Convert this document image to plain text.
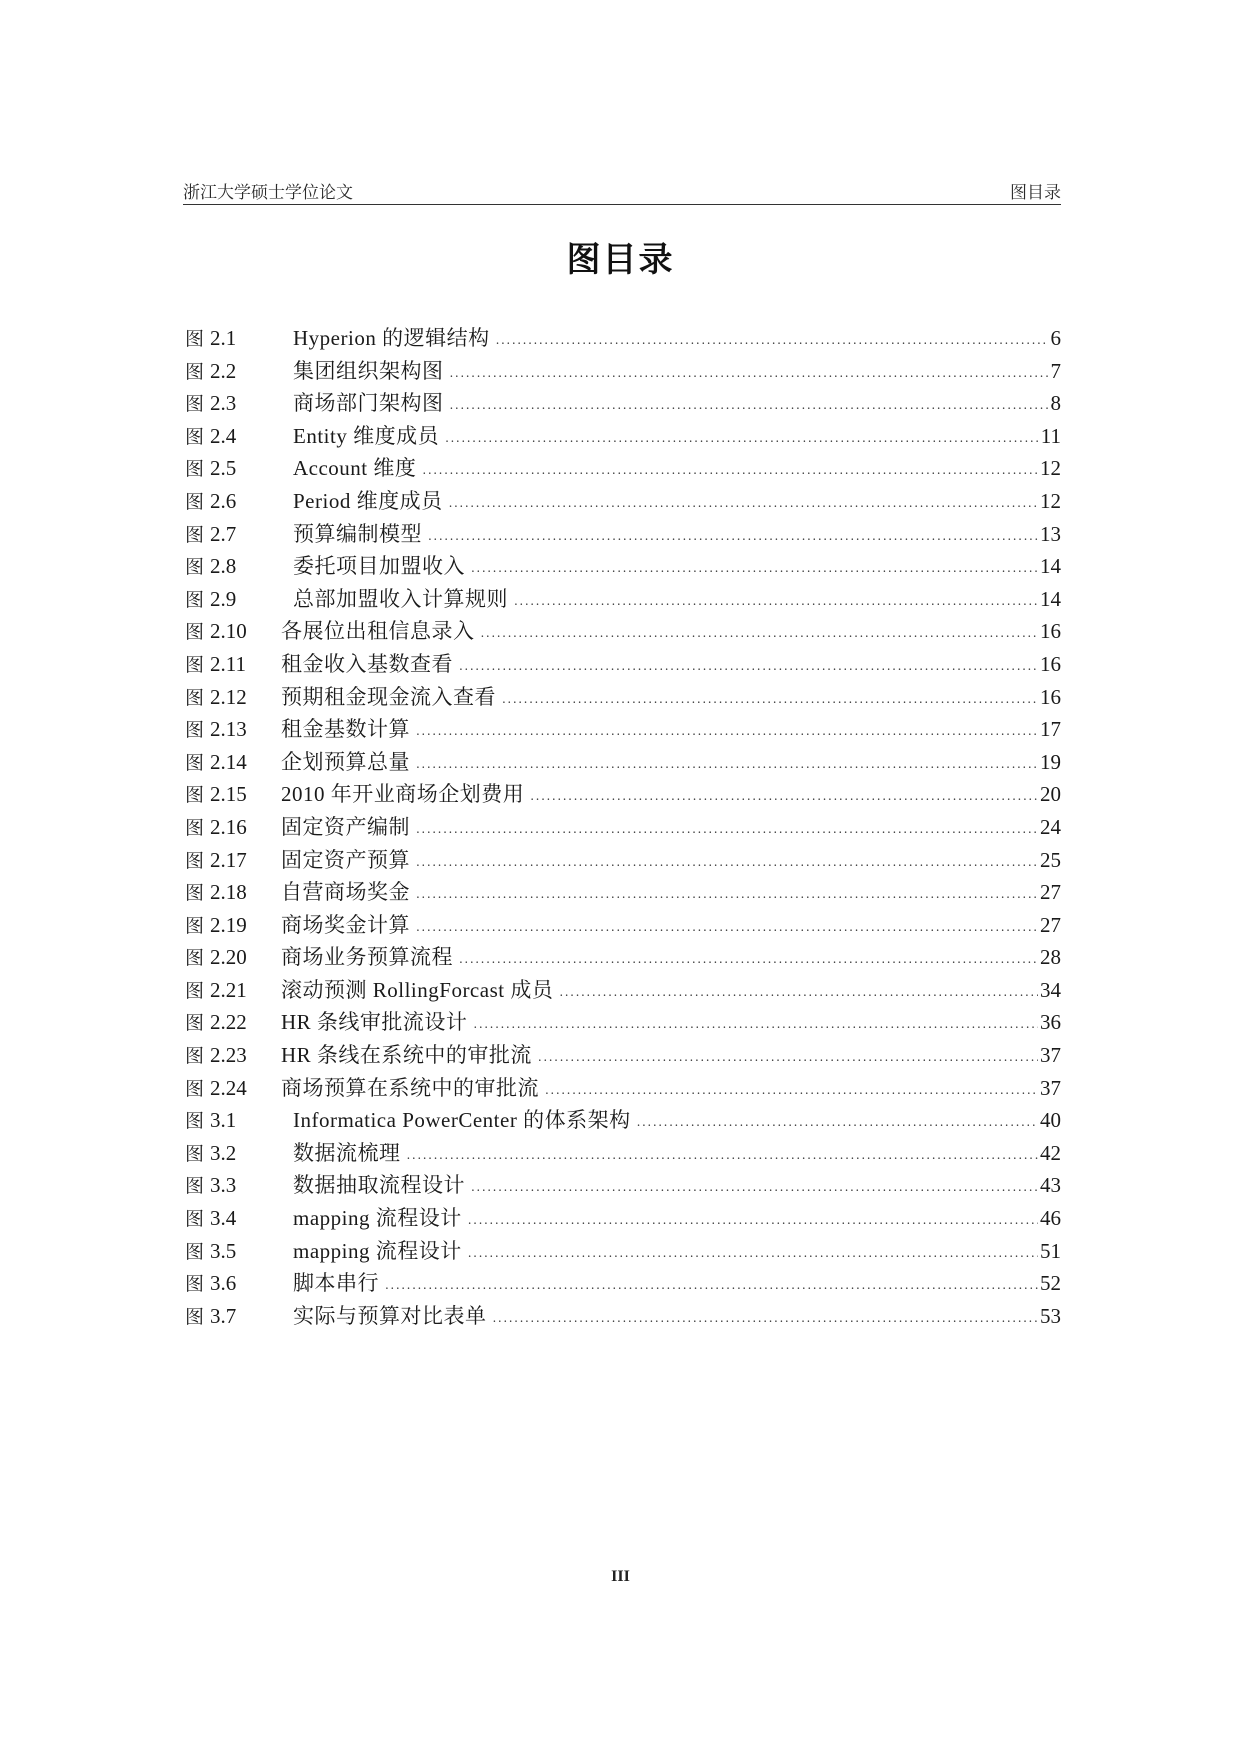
浙江大学硕士学位论文	图目录
图目录
图 2.1	Hyperion 的逻辑结构 .....	6
图 2.2	集团组织架构图 .....	7
图 2.3	商场部门架构图 .....	8
图 2.4	Entity 维度成员 .....	11
图 2.5	Account 维度 .....	12
图 2.6	Period 维度成员 .....	12
图 2.7	预算编制模型 .....	13
图 2.8	委托项目加盟收入 .....	14
图 2.9	总部加盟收入计算规则 .....	14
图 2.10	各展位出租信息录入 .....	16
图 2.11	租金收入基数查看 .....	16
图 2.12	预期租金现金流入查看 .....	16
图 2.13	租金基数计算 .....	17
图 2.14	企划预算总量 .....	19
图 2.15	2010 年开业商场企划费用 .....	20
图 2.16	固定资产编制 .....	24
图 2.17	固定资产预算 .....	25
图 2.18	自营商场奖金 .....	27
图 2.19	商场奖金计算 .....	27
图 2.20	商场业务预算流程 .....	28
图 2.21	滚动预测 RollingForcast 成员 .....	34
图 2.22	HR 条线审批流设计 .....	36
图 2.23	HR 条线在系统中的审批流 .....	37
图 2.24	商场预算在系统中的审批流 .....	37
图 3.1	Informatica PowerCenter 的体系架构 .....	40
图 3.2	数据流梳理 .....	42
图 3.3	数据抽取流程设计 .....	43
图 3.4	mapping 流程设计 .....	46
图 3.5	mapping 流程设计 .....	51
图 3.6	脚本串行 .....	52
图 3.7	实际与预算对比表单 .....	53
III
